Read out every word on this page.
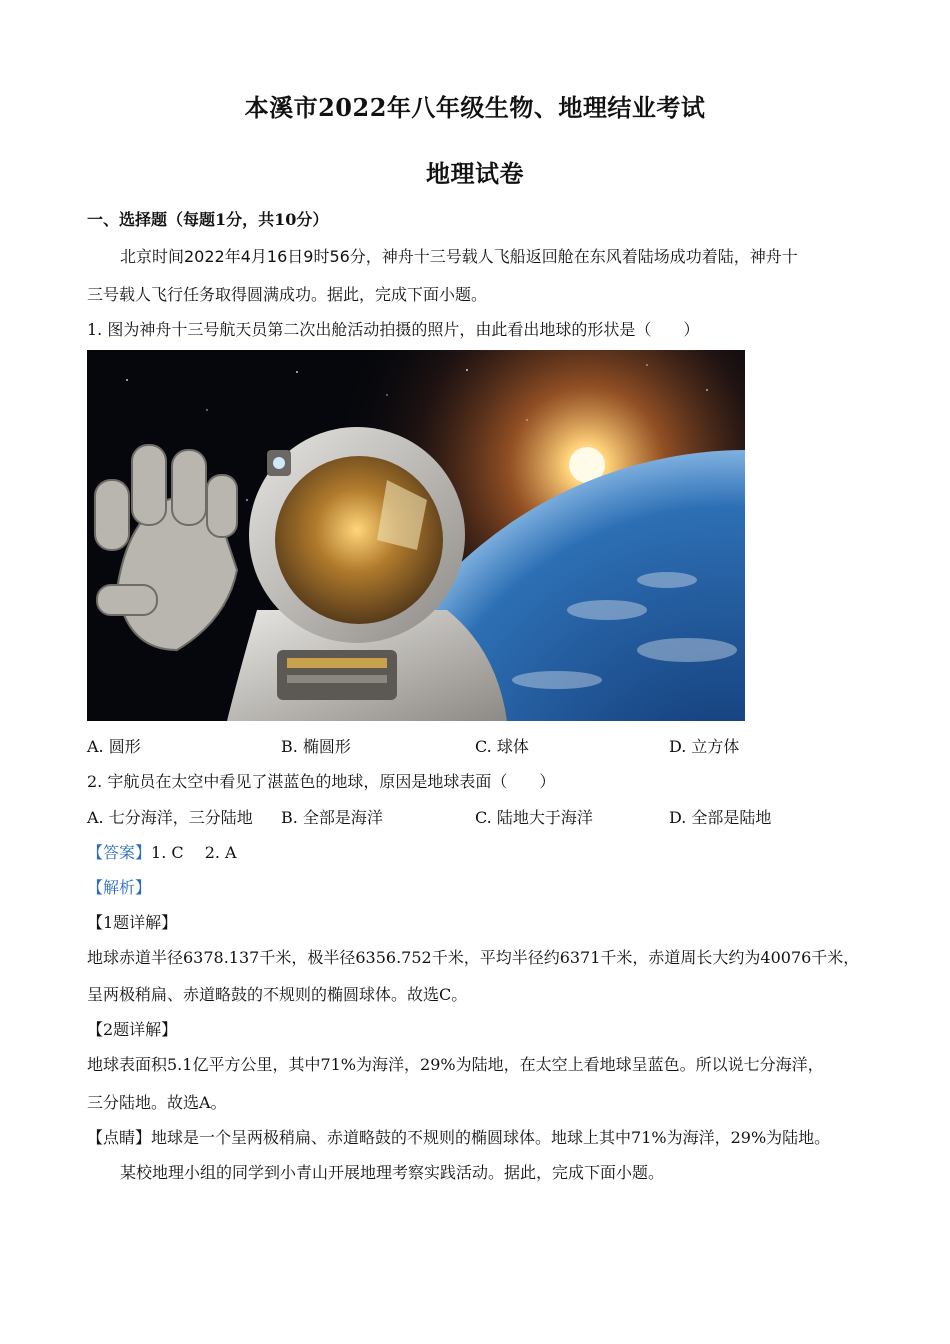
本溪市2022年八年级生物、地理结业考试
地理试卷
一、选择题（每题1分，共10分）
北京时间2022年4月16日9时56分，神舟十三号载人飞船返回舱在东风着陆场成功着陆，神舟十
三号载人飞行任务取得圆满成功。据此，完成下面小题。
1. 图为神舟十三号航天员第二次出舱活动拍摄的照片，由此看出地球的形状是（　　）
A. 圆形	B. 椭圆形	C. 球体	D. 立方体
2. 宇航员在太空中看见了湛蓝色的地球，原因是地球表面（　　）
A. 七分海洋，三分陆地 B. 全部是海洋	C. 陆地大于海洋	D. 全部是陆地
【答案】1. C　 2. A
【解析】
【1题详解】
地球赤道半径6378.137千米，极半径6356.752千米，平均半径约6371千米，赤道周长大约为40076千米，
呈两极稍扁、赤道略鼓的不规则的椭圆球体。故选C。
【2题详解】
地球表面积5.1亿平方公里，其中71%为海洋，29%为陆地，在太空上看地球呈蓝色。所以说七分海洋，
三分陆地。故选A。
【点睛】地球是一个呈两极稍扁、赤道略鼓的不规则的椭圆球体。地球上其中71%为海洋，29%为陆地。
某校地理小组的同学到小青山开展地理考察实践活动。据此，完成下面小题。
